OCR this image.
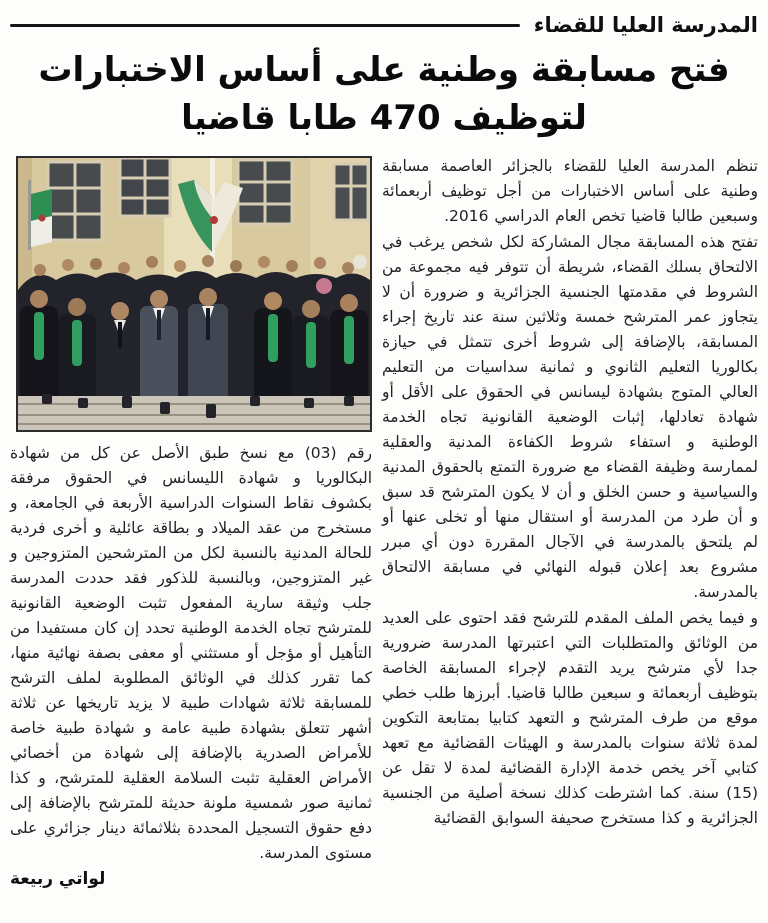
المدرسة العليا للقضاء
فتح مسابقة وطنية على أساس الاختبارات
لتوظيف 470 طابا قاضيا

تنظم المدرسة العليا للقضاء بالجزائر العاصمة مسابقة وطنية على أساس الاختبارات من أجل توظيف أربعمائة وسبعين طالبا قاضيا تخص العام الدراسي 2016.

تفتح هذه المسابقة مجال المشاركة لكل شخص يرغب في الالتحاق بسلك القضاء، شريطة أن تتوفر فيه مجموعة من الشروط في مقدمتها الجنسية الجزائرية و ضرورة أن لا يتجاوز عمر المترشح خمسة وثلاثين سنة عند تاريخ إجراء المسابقة، بالإضافة إلى شروط أخرى تتمثل في حيازة بكالوريا التعليم الثانوي و ثمانية سداسيات من التعليم العالي المتوج بشهادة ليسانس في الحقوق على الأقل أو شهادة تعادلها، إثبات الوضعية القانونية تجاه الخدمة الوطنية و استفاء شروط الكفاءة المدنية والعقلية لممارسة وظيفة القضاء مع ضرورة التمتع بالحقوق المدنية والسياسية و حسن الخلق و أن لا يكون المترشح قد سبق و أن طرد من المدرسة أو استقال منها أو تخلى عنها أو لم يلتحق بالمدرسة في الآجال المقررة دون أي مبرر مشروع بعد إعلان قبوله النهائي في مسابقة الالتحاق بالمدرسة.

و فيما يخص الملف المقدم للترشح فقد احتوى على العديد من الوثائق والمتطلبات التي اعتبرتها المدرسة ضرورية جدا لأي مترشح يريد التقدم لإجراء المسابقة الخاصة بتوظيف أربعمائة و سبعين طالبا قاضيا. أبرزها طلب خطي موقع من طرف المترشح و التعهد كتابيا بمتابعة التكوين لمدة ثلاثة سنوات بالمدرسة و الهيئات القضائية مع تعهد كتابي آخر يخص خدمة الإدارة القضائية لمدة لا تقل عن (15) سنة. كما اشترطت كذلك نسخة أصلية من الجنسية الجزائرية و كذا مستخرج صحيفة السوابق القضائية

رقم (03) مع نسخ طبق الأصل عن كل من شهادة البكالوريا و شهادة الليسانس في الحقوق مرفقة بكشوف نقاط السنوات الدراسية الأربعة في الجامعة، و مستخرج من عقد الميلاد و بطاقة عائلية و أخرى فردية للحالة المدنية بالنسبة لكل من المترشحين المتزوجين و غير المتزوجين، وبالنسبة للذكور فقد حددت المدرسة جلب وثيقة سارية المفعول تثبت الوضعية القانونية للمترشح تجاه الخدمة الوطنية تحدد إن كان مستفيدا من التأهيل أو مؤجل أو مستثني أو معفى بصفة نهائية منها، كما تقرر كذلك في الوثائق المطلوبة لملف الترشح للمسابقة ثلاثة شهادات طبية لا يزيد تاريخها عن ثلاثة أشهر تتعلق بشهادة طبية عامة و شهادة طبية خاصة للأمراض الصدرية بالإضافة إلى شهادة من أخصائي الأمراض العقلية تثبت السلامة العقلية للمترشح، و كذا ثمانية صور شمسية ملونة حديثة للمترشح بالإضافة إلى دفع حقوق التسجيل المحددة بثلاثمائة دينار جزائري على مستوى المدرسة.

لواتي ربيعة
